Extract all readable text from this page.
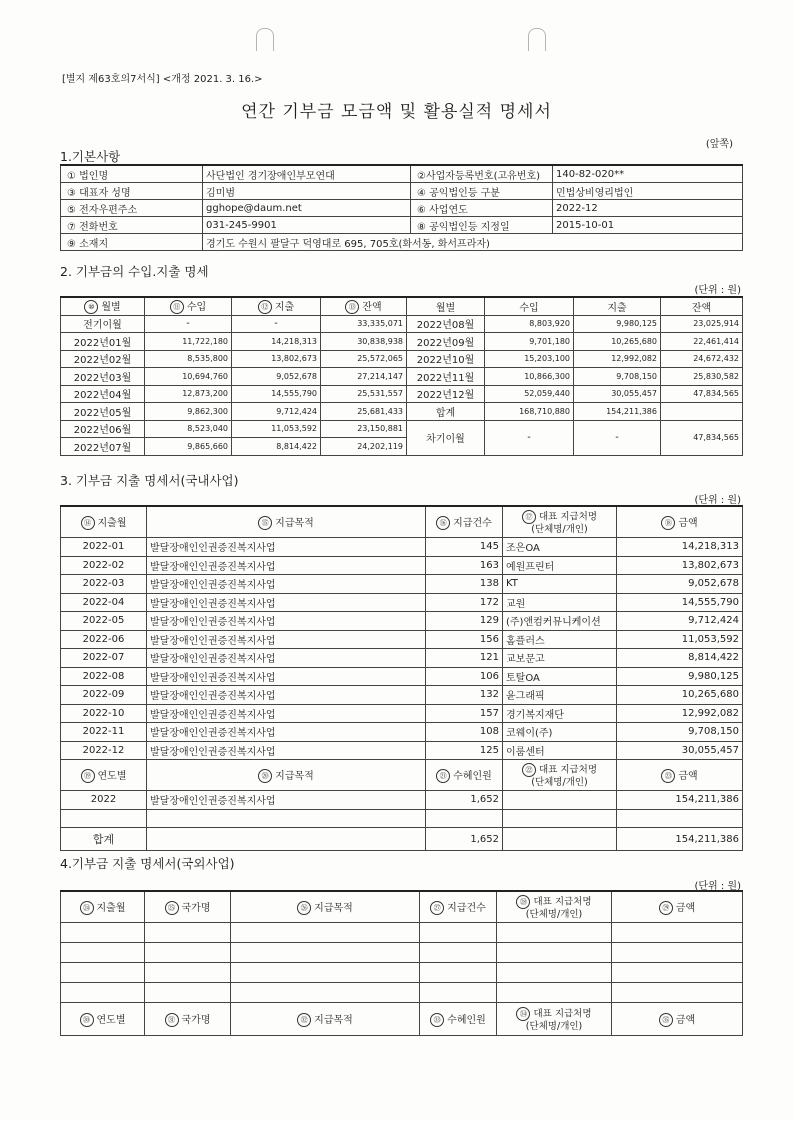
[별지 제63호의7서식] <개정 2021. 3. 16.>
연간 기부금 모금액 및 활용실적 명세서
(앞쪽)
1.기본사항
① 법인명	사단법인 경기장애인부모연대	②사업자등록번호(고유번호)	140-82-020**
③ 대표자 성명	김미범	④ 공익법인등 구분	민법상비영리법인
⑤ 전자우편주소	gghope@daum.net	⑥ 사업연도	2022-12
⑦ 전화번호	031-245-9901	⑧ 공익법인등 지정일	2015-10-01
⑨ 소재지	경기도 수원시 팔달구 덕영대로 695, 705호(화서동, 화서프라자)		
2. 기부금의 수입.지출 명세
(단위 : 원)
⑩ 월별	⑪ 수입	⑫ 지출	⑬ 잔액	월별	수입	지출	잔액
전기이월	-	-	33,335,071	2022년08월	8,803,920	9,980,125	23,025,914
2022년01월	11,722,180	14,218,313	30,838,938	2022년09월	9,701,180	10,265,680	22,461,414
2022년02월	8,535,800	13,802,673	25,572,065	2022년10월	15,203,100	12,992,082	24,672,432
2022년03월	10,694,760	9,052,678	27,214,147	2022년11월	10,866,300	9,708,150	25,830,582
2022년04월	12,873,200	14,555,790	25,531,557	2022년12월	52,059,440	30,055,457	47,834,565
2022년05월	9,862,300	9,712,424	25,681,433	합계	168,710,880	154,211,386	
2022년06월	8,523,040	11,053,592	23,150,881	차기이월	-	-	47,834,565
2022년07월	9,865,660	8,814,422	24,202,119				
3. 기부금 지출 명세서(국내사업)
(단위 : 원)
⑭ 지출월	⑮ 지급목적	⑯ 지급건수	⑰ 대표 지급처명
(단체명/개인)	⑱ 금액
2022-01	발달장애인인권증진복지사업	145	조은OA	14,218,313
2022-02	발달장애인인권증진복지사업	163	예원프린터	13,802,673
2022-03	발달장애인인권증진복지사업	138	KT	9,052,678
2022-04	발달장애인인권증진복지사업	172	교원	14,555,790
2022-05	발달장애인인권증진복지사업	129	(주)앤컴커뮤니케이션	9,712,424
2022-06	발달장애인인권증진복지사업	156	홈플러스	11,053,592
2022-07	발달장애인인권증진복지사업	121	교보문고	8,814,422
2022-08	발달장애인인권증진복지사업	106	토탈OA	9,980,125
2022-09	발달장애인인권증진복지사업	132	윤그래픽	10,265,680
2022-10	발달장애인인권증진복지사업	157	경기복지재단	12,992,082
2022-11	발달장애인인권증진복지사업	108	코웨이(주)	9,708,150
2022-12	발달장애인인권증진복지사업	125	이룸센터	30,055,457
⑲ 연도별	⑳ 지급목적	㉑ 수혜인원	㉒ 대표 지급처명
(단체명/개인)	㉓ 금액
2022	발달장애인인권증진복지사업	1,652		154,211,386

합계		1,652		154,211,386
4.기부금 지출 명세서(국외사업)
(단위 : 원)
㉔ 지출월	㉕ 국가명	㉖ 지급목적	㉗ 지급건수	㉘ 대표 지급처명
(단체명/개인)	㉙ 금액

㉚ 연도별	㉛ 국가명	㉜ 지급목적	㉝ 수혜인원	㉞ 대표 지급처명
(단체명/개인)	㉟ 금액
